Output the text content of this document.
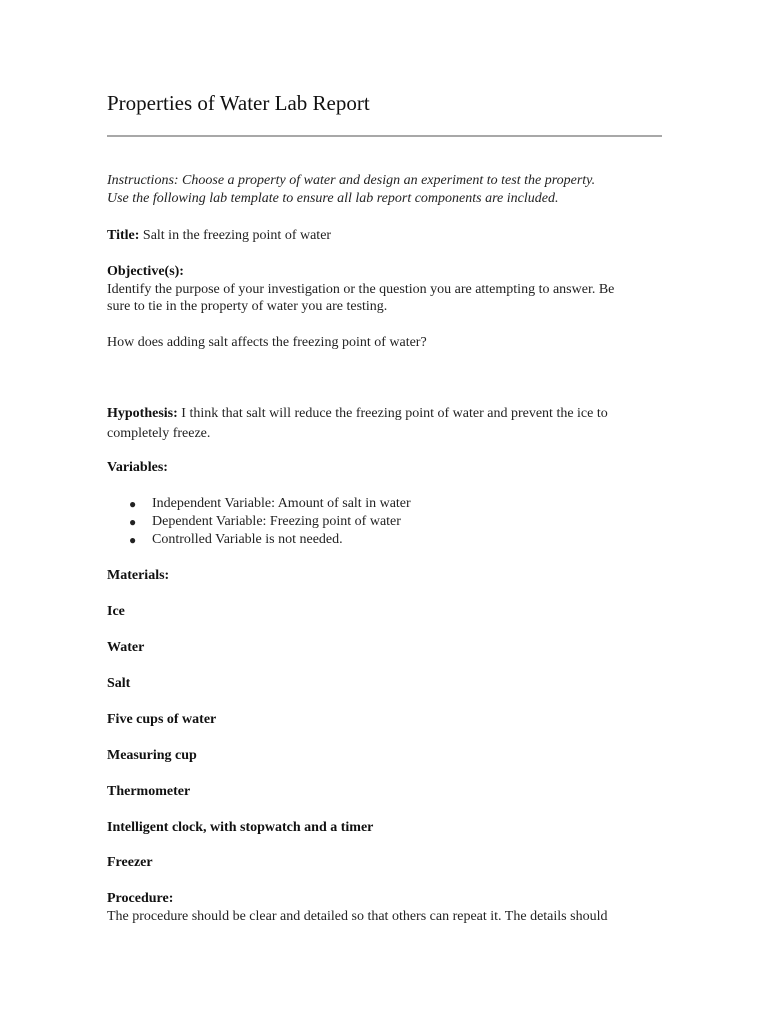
Properties of Water Lab Report
Instructions: Choose a property of water and design an experiment to test the property.
Use the following lab template to ensure all lab report components are included.
Title: Salt in the freezing point of water
Objective(s):
Identify the purpose of your investigation or the question you are attempting to answer. Be
sure to tie in the property of water you are testing.
How does adding salt affects the freezing point of water?
Hypothesis: I think that salt will reduce the freezing point of water and prevent the ice to
completely freeze.
Variables:
● Independent Variable: Amount of salt in water
● Dependent Variable: Freezing point of water
● Controlled Variable is not needed.
Materials:
Ice
Water
Salt
Five cups of water
Measuring cup
Thermometer
Intelligent clock, with stopwatch and a timer
Freezer
Procedure:
The procedure should be clear and detailed so that others can repeat it. The details should
